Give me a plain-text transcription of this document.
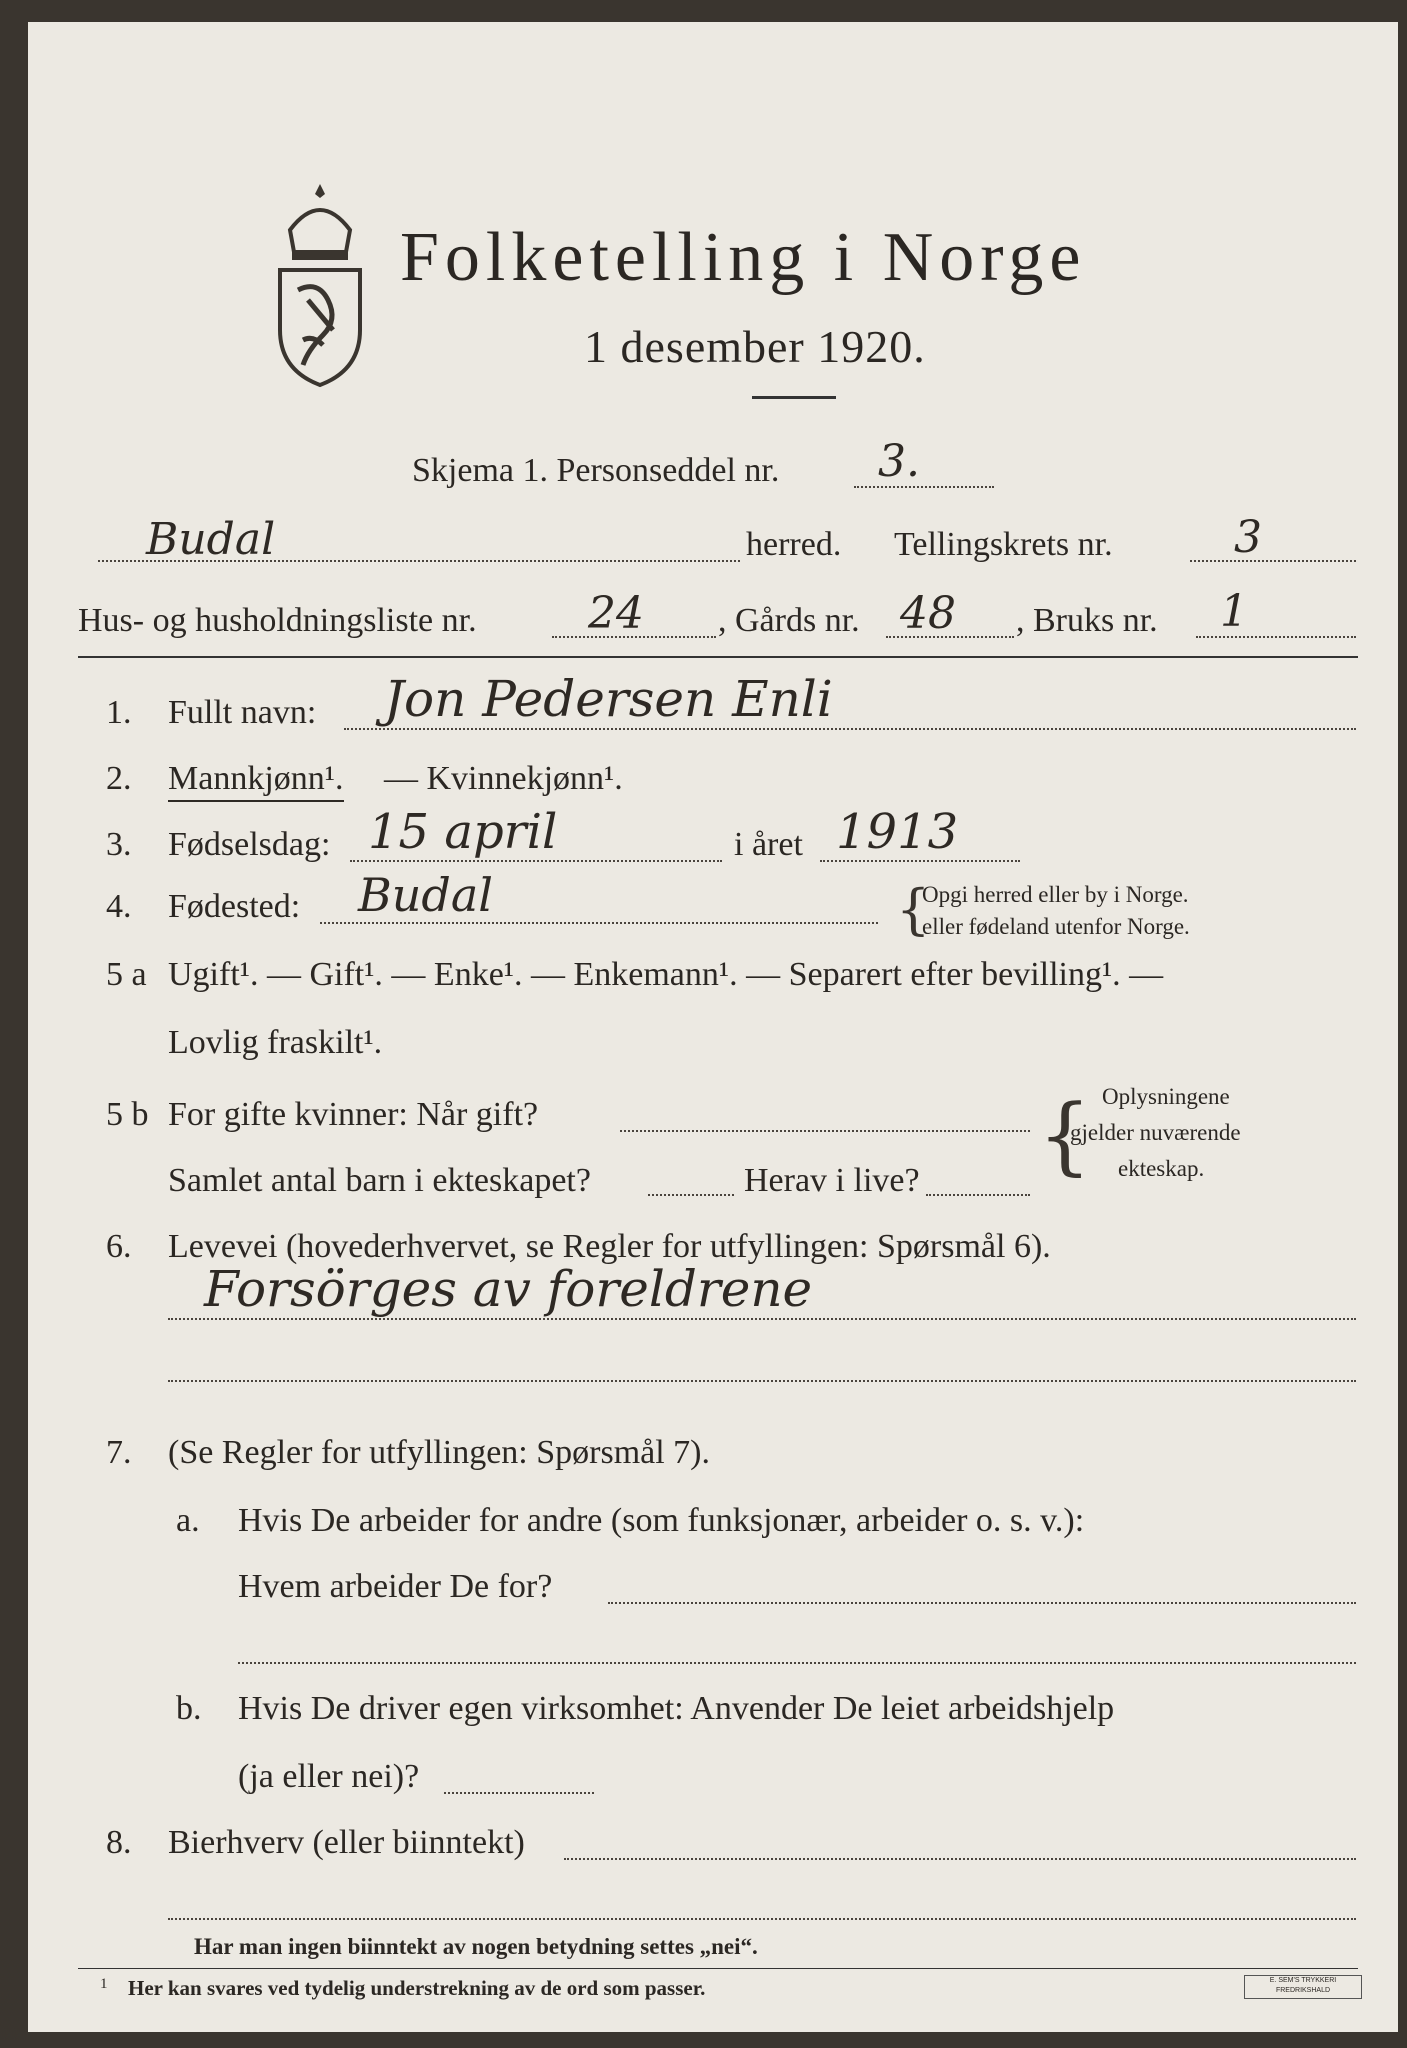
Folketelling i Norge
1 desember 1920.
Skjema 1. Personseddel nr. 3.
Budal	herred. Tellingskrets nr.	3
Hus- og husholdningsliste nr.	24 , Gårds nr. 48 , Bruks nr. 1
1. Fullt navn: Jon Pedersen Enli
2. Mannkjønn¹. — Kvinnekjønn¹.
3. Fødselsdag: 15 april	i året 1913
4. Fødested: Budal	{
Opgi herred eller by i Norge.
eller fødeland utenfor Norge.
5 a Ugift¹. — Gift¹. — Enke¹. — Enkemann¹. — Separert efter bevilling¹. —
Lovlig fraskilt¹.
5 b For gifte kvinner: Når gift?
Samlet antal barn i ekteskapet?	Herav i live? { Oplysningene
gjelder nuværende
ekteskap.
6. Levevei (hovederhvervet, se Regler for utfyllingen: Spørsmål 6).
Forsörges av foreldrene
7. (Se Regler for utfyllingen: Spørsmål 7).
a. Hvis De arbeider for andre (som funksjonær, arbeider o. s. v.):
Hvem arbeider De for?
b. Hvis De driver egen virksomhet: Anvender De leiet arbeidshjelp
(ja eller nei)?
8. Bierhverv (eller biinntekt)
Har man ingen biinntekt av nogen betydning settes „nei“.
1 Her kan svares ved tydelig understrekning av de ord som passer.	E. SEM'S TRYKKERI
FREDRIKSHALD
